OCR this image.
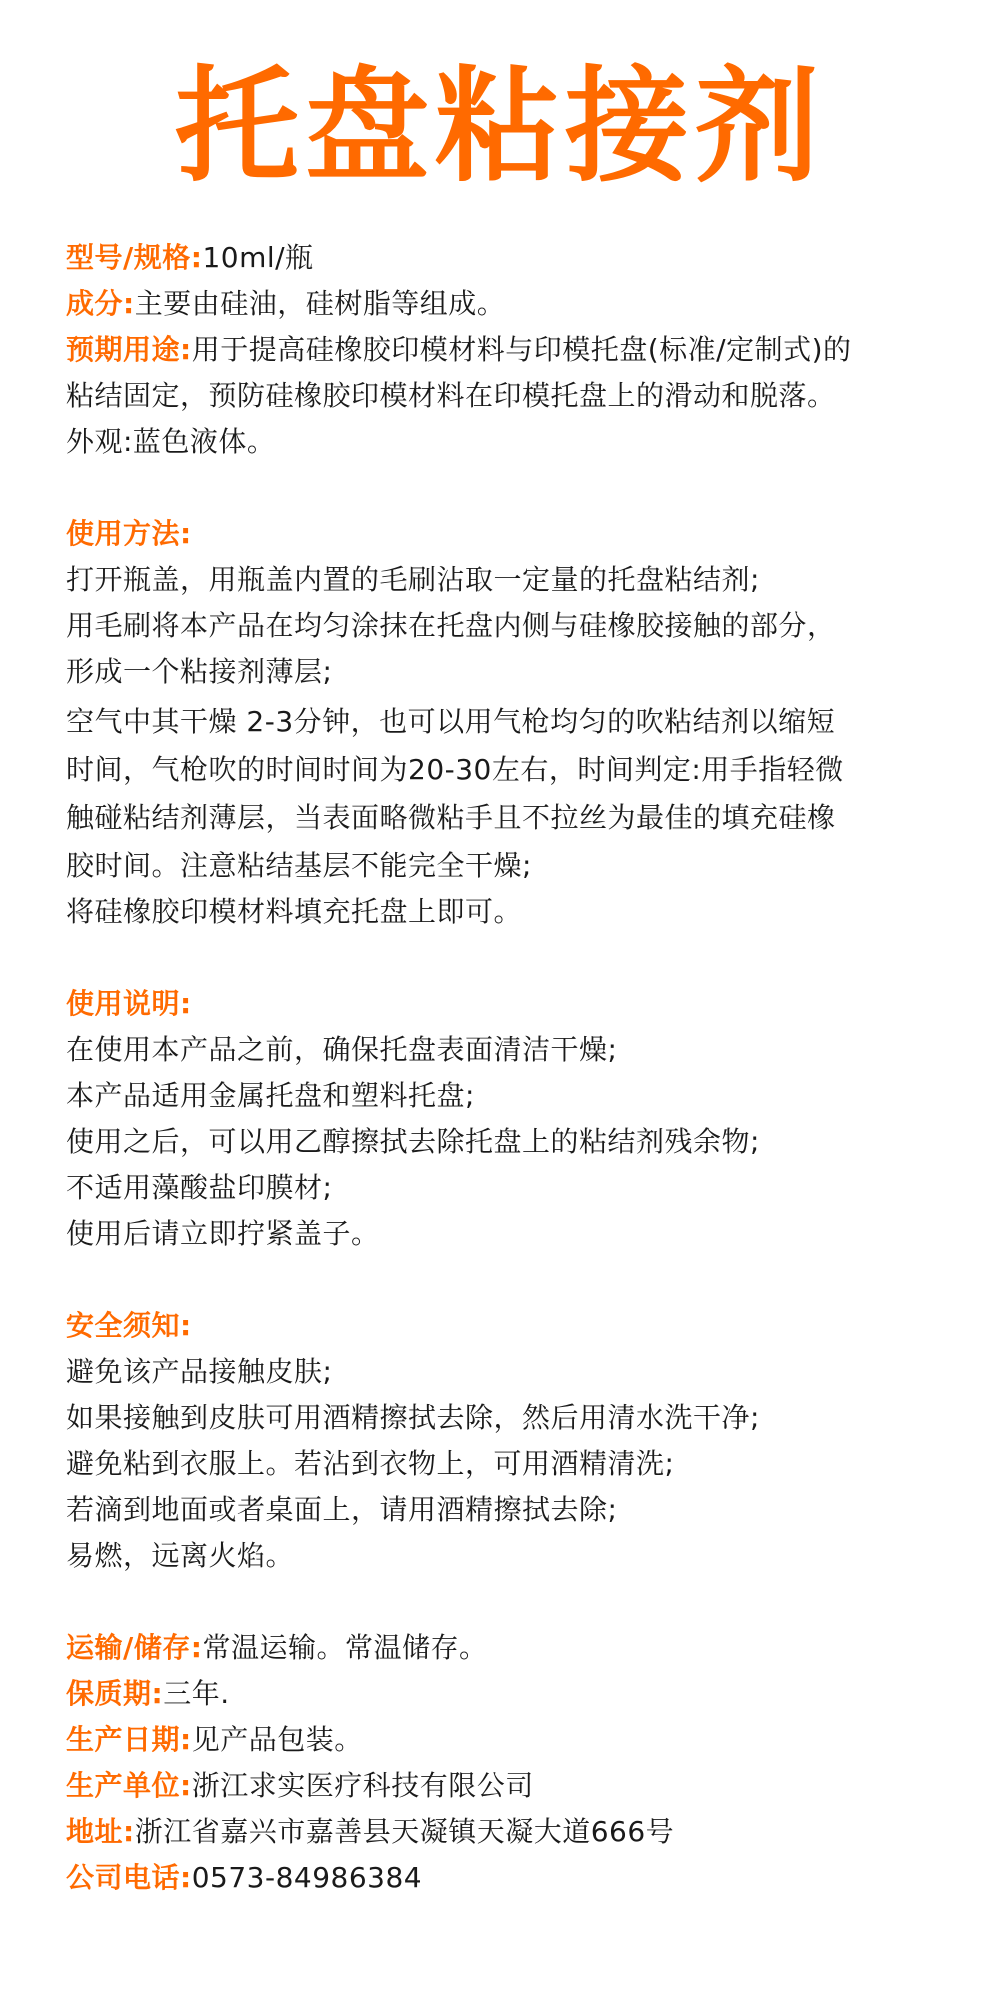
托盘粘接剂
型号/规格:10ml/瓶
成分:主要由硅油，硅树脂等组成。
预期用途:用于提高硅橡胶印模材料与印模托盘(标准/定制式)的
粘结固定，预防硅橡胶印模材料在印模托盘上的滑动和脱落。
外观:蓝色液体。
使用方法:
打开瓶盖，用瓶盖内置的毛刷沾取一定量的托盘粘结剂;
用毛刷将本产品在均匀涂抹在托盘内侧与硅橡胶接触的部分，
形成一个粘接剂薄层;
空气中其干燥 2-3分钟，也可以用气枪均匀的吹粘结剂以缩短
时间，气枪吹的时间时间为20-30左右，时间判定:用手指轻微
触碰粘结剂薄层，当表面略微粘手且不拉丝为最佳的填充硅橡
胶时间。注意粘结基层不能完全干燥;
将硅橡胶印模材料填充托盘上即可。
使用说明:
在使用本产品之前，确保托盘表面清洁干燥;
本产品适用金属托盘和塑料托盘;
使用之后，可以用乙醇擦拭去除托盘上的粘结剂残余物;
不适用藻酸盐印膜材;
使用后请立即拧紧盖子。
安全须知:
避免该产品接触皮肤;
如果接触到皮肤可用酒精擦拭去除，然后用清水洗干净;
避免粘到衣服上。若沾到衣物上，可用酒精清洗;
若滴到地面或者桌面上，请用酒精擦拭去除;
易燃，远离火焰。
运输/储存:常温运输。常温储存。
保质期:三年.
生产日期:见产品包装。
生产单位:浙江求实医疗科技有限公司
地址:浙江省嘉兴市嘉善县天凝镇天凝大道666号
公司电话:0573-84986384
